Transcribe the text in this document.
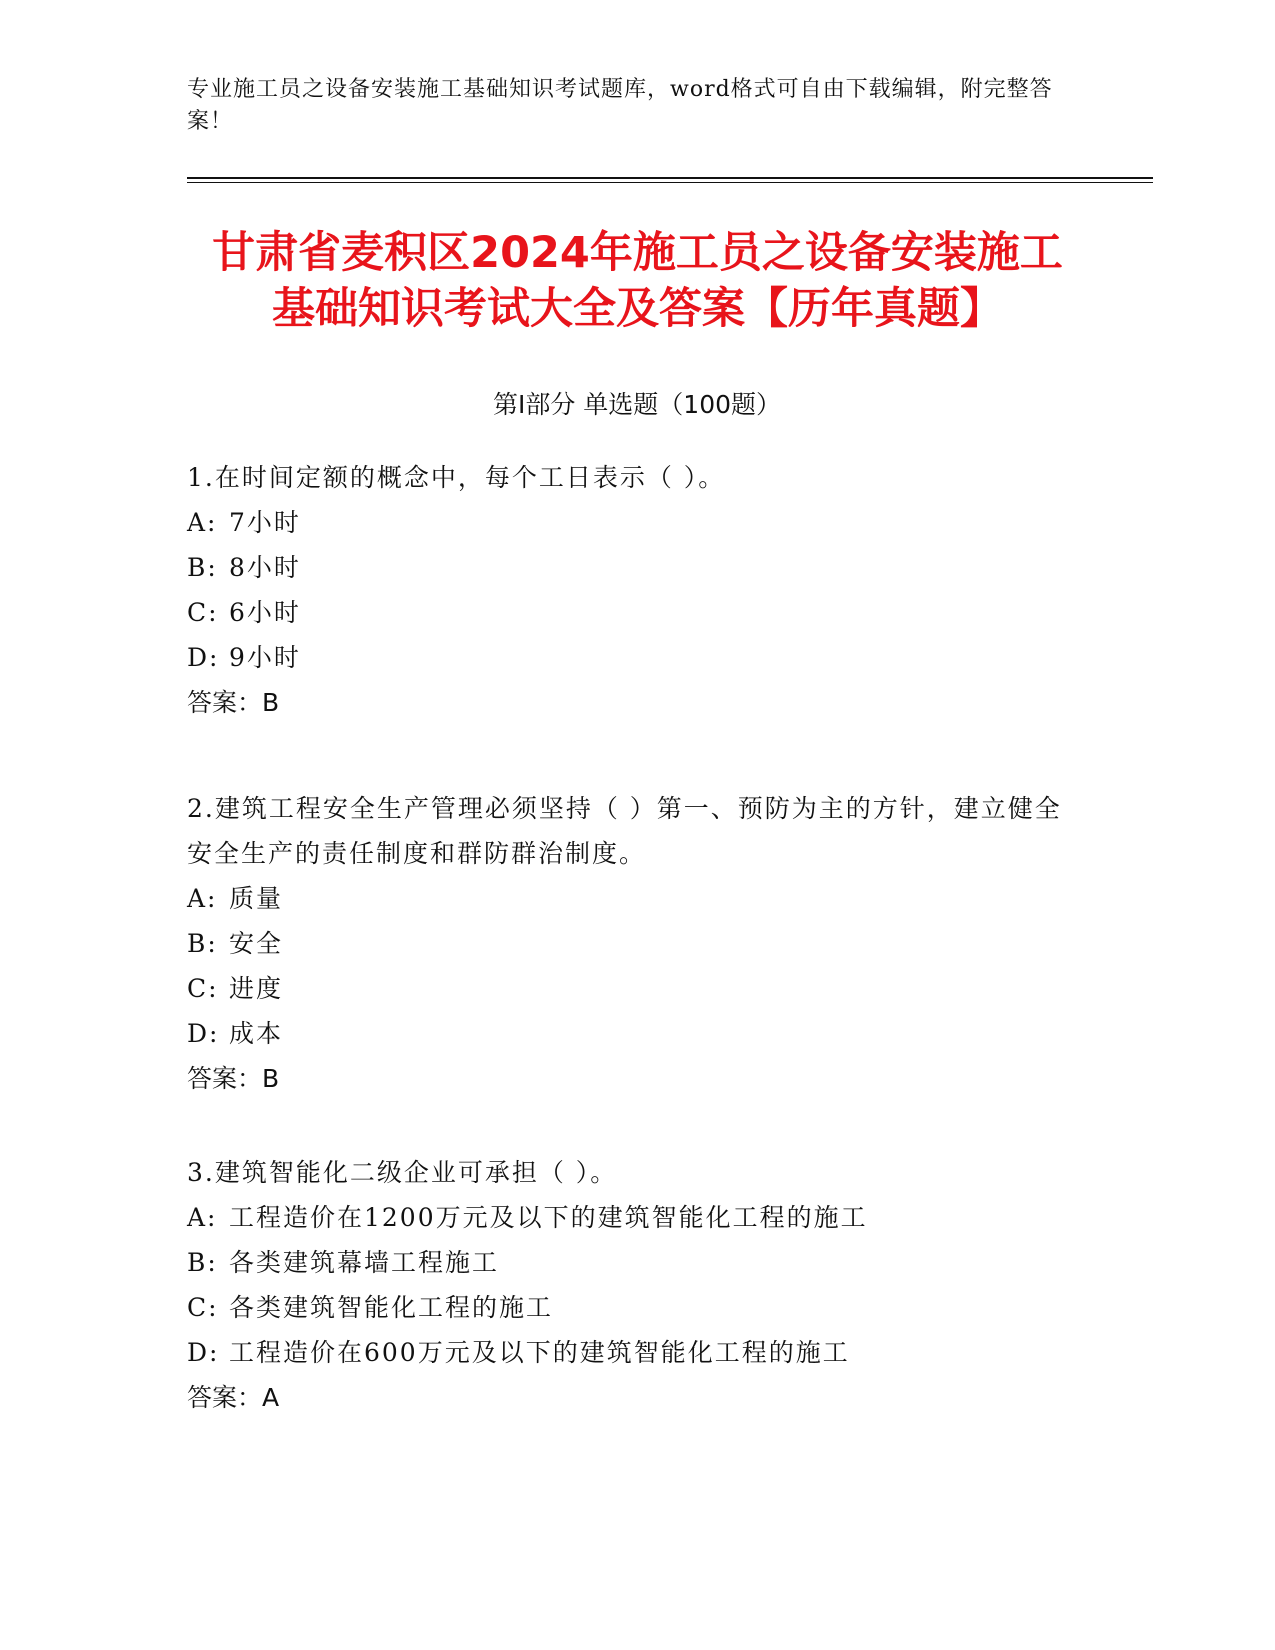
专业施工员之设备安装施工基础知识考试题库，word格式可自由下载编辑，附完整答案！
甘肃省麦积区2024年施工员之设备安装施工
基础知识考试大全及答案【历年真题】
第Ⅰ部分 单选题（100题）

1.在时间定额的概念中，每个工日表示（ ）。

A: 7小时

B: 8小时

C: 6小时

D: 9小时

答案：B

2.建筑工程安全生产管理必须坚持（ ）第一、预防为主的方针，建立健全安全生产的责任制度和群防群治制度。

A: 质量

B: 安全

C: 进度

D: 成本

答案：B

3.建筑智能化二级企业可承担（ ）。

A: 工程造价在1200万元及以下的建筑智能化工程的施工

B: 各类建筑幕墙工程施工

C: 各类建筑智能化工程的施工

D: 工程造价在600万元及以下的建筑智能化工程的施工

答案：A
